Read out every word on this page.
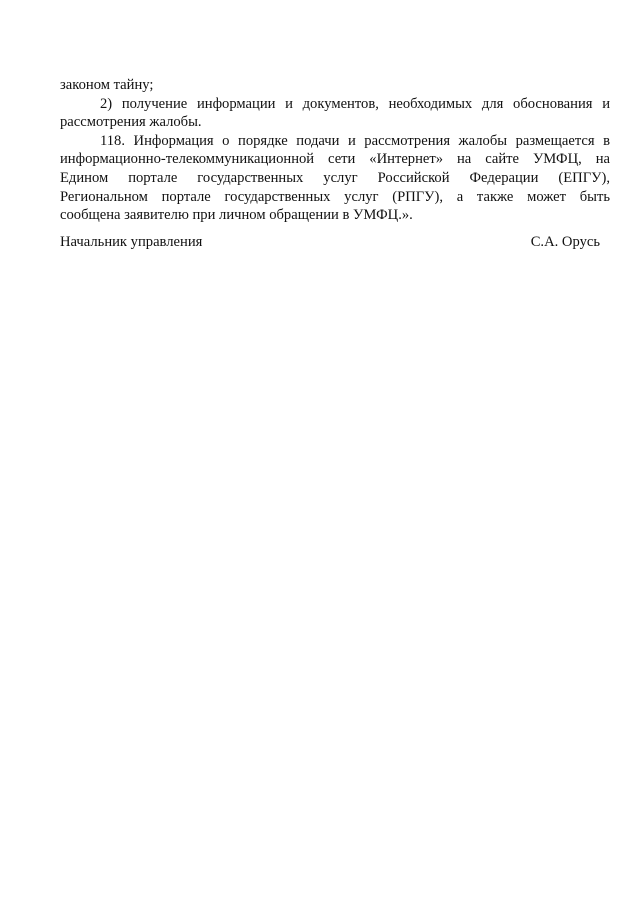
законом тайну;
2) получение информации и документов, необходимых для обоснования и
рассмотрения жалобы.
118. Информация о порядке подачи и рассмотрения жалобы размещается в
информационно-телекоммуникационной сети «Интернет» на сайте УМФЦ, на
Едином портале государственных услуг Российской Федерации (ЕПГУ),
Региональном портале государственных услуг (РПГУ), а также может быть
сообщена заявителю при личном обращении в УМФЦ.».
Начальник управления	С.А. Орусь
